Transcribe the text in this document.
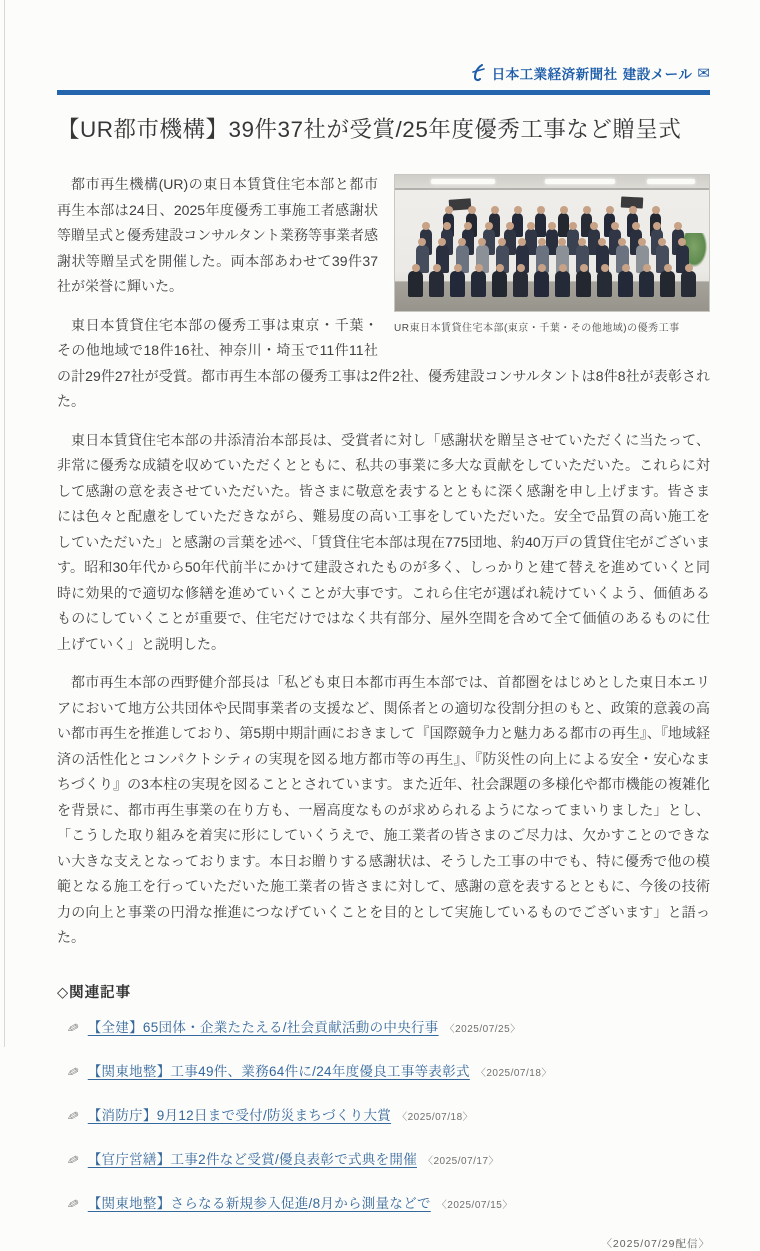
日本工業経済新聞社 建設メール ✉
【UR都市機構】39件37社が受賞/25年度優秀工事など贈呈式
UR東日本賃貸住宅本部(東京・千葉・その他地域)の優秀工事

都市再生機構(UR)の東日本賃貸住宅本部と都市再生本部は24日、2025年度優秀工事施工者感謝状等贈呈式と優秀建設コンサルタント業務等事業者感謝状等贈呈式を開催した。両本部あわせて39件37社が栄誉に輝いた。

東日本賃貸住宅本部の優秀工事は東京・千葉・その他地域で18件16社、神奈川・埼玉で11件11社の計29件27社が受賞。都市再生本部の優秀工事は2件2社、優秀建設コンサルタントは8件8社が表彰された。

東日本賃貸住宅本部の井添清治本部長は、受賞者に対し「感謝状を贈呈させていただくに当たって、非常に優秀な成績を収めていただくとともに、私共の事業に多大な貢献をしていただいた。これらに対して感謝の意を表させていただいた。皆さまに敬意を表するとともに深く感謝を申し上げます。皆さまには色々と配慮をしていただきながら、難易度の高い工事をしていただいた。安全で品質の高い施工をしていただいた」と感謝の言葉を述べ、「賃貸住宅本部は現在775団地、約40万戸の賃貸住宅がございます。昭和30年代から50年代前半にかけて建設されたものが多く、しっかりと建て替えを進めていくと同時に効果的で適切な修繕を進めていくことが大事です。これら住宅が選ばれ続けていくよう、価値あるものにしていくことが重要で、住宅だけではなく共有部分、屋外空間を含めて全て価値のあるものに仕上げていく」と説明した。

都市再生本部の西野健介部長は「私ども東日本都市再生本部では、首都圏をはじめとした東日本エリアにおいて地方公共団体や民間事業者の支援など、関係者との適切な役割分担のもと、政策的意義の高い都市再生を推進しており、第5期中期計画におきまして『国際競争力と魅力ある都市の再生』、『地域経済の活性化とコンパクトシティの実現を図る地方都市等の再生』、『防災性の向上による安全・安心なまちづくり』の3本柱の実現を図ることとされています。また近年、社会課題の多様化や都市機能の複雑化を背景に、都市再生事業の在り方も、一層高度なものが求められるようになってまいりました」とし、「こうした取り組みを着実に形にしていくうえで、施工業者の皆さまのご尽力は、欠かすことのできない大きな支えとなっております。本日お贈りする感謝状は、そうした工事の中でも、特に優秀で他の模範となる施工を行っていただいた施工業者の皆さまに対して、感謝の意を表するとともに、今後の技術力の向上と事業の円滑な推進につなげていくことを目的として実施しているものでございます」と語った。

◇関連記事
✎ 【全建】65団体・企業たたえる/社会貢献活動の中央行事 〈2025/07/25〉
✎ 【関東地整】工事49件、業務64件に/24年度優良工事等表彰式 〈2025/07/18〉
✎ 【消防庁】9月12日まで受付/防災まちづくり大賞 〈2025/07/18〉
✎ 【官庁営繕】工事2件など受賞/優良表彰で式典を開催 〈2025/07/17〉
✎ 【関東地整】さらなる新規参入促進/8月から測量などで 〈2025/07/15〉
〈2025/07/29配信〉
